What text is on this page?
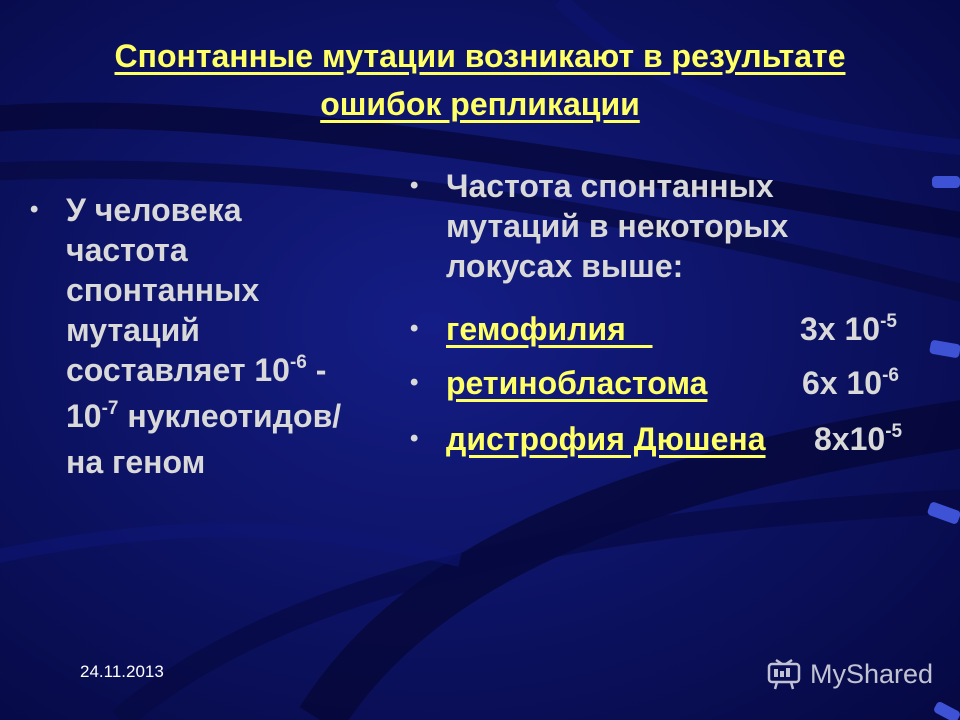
Спонтанные мутации возникают в результате
ошибок репликации
• У человека частота спонтанных мутаций составляет $10^{-6} - 10^{-7}$ нуклеотидов/на геном
• Частота спонтанных мутаций в некоторых локусах выше:
• гемофилия	3х $10^{-5}$
• ретинобластома	6х $10^{-6}$
• дистрофия Дюшена $8х10^{-5}$
24.11.2013	MyShared
